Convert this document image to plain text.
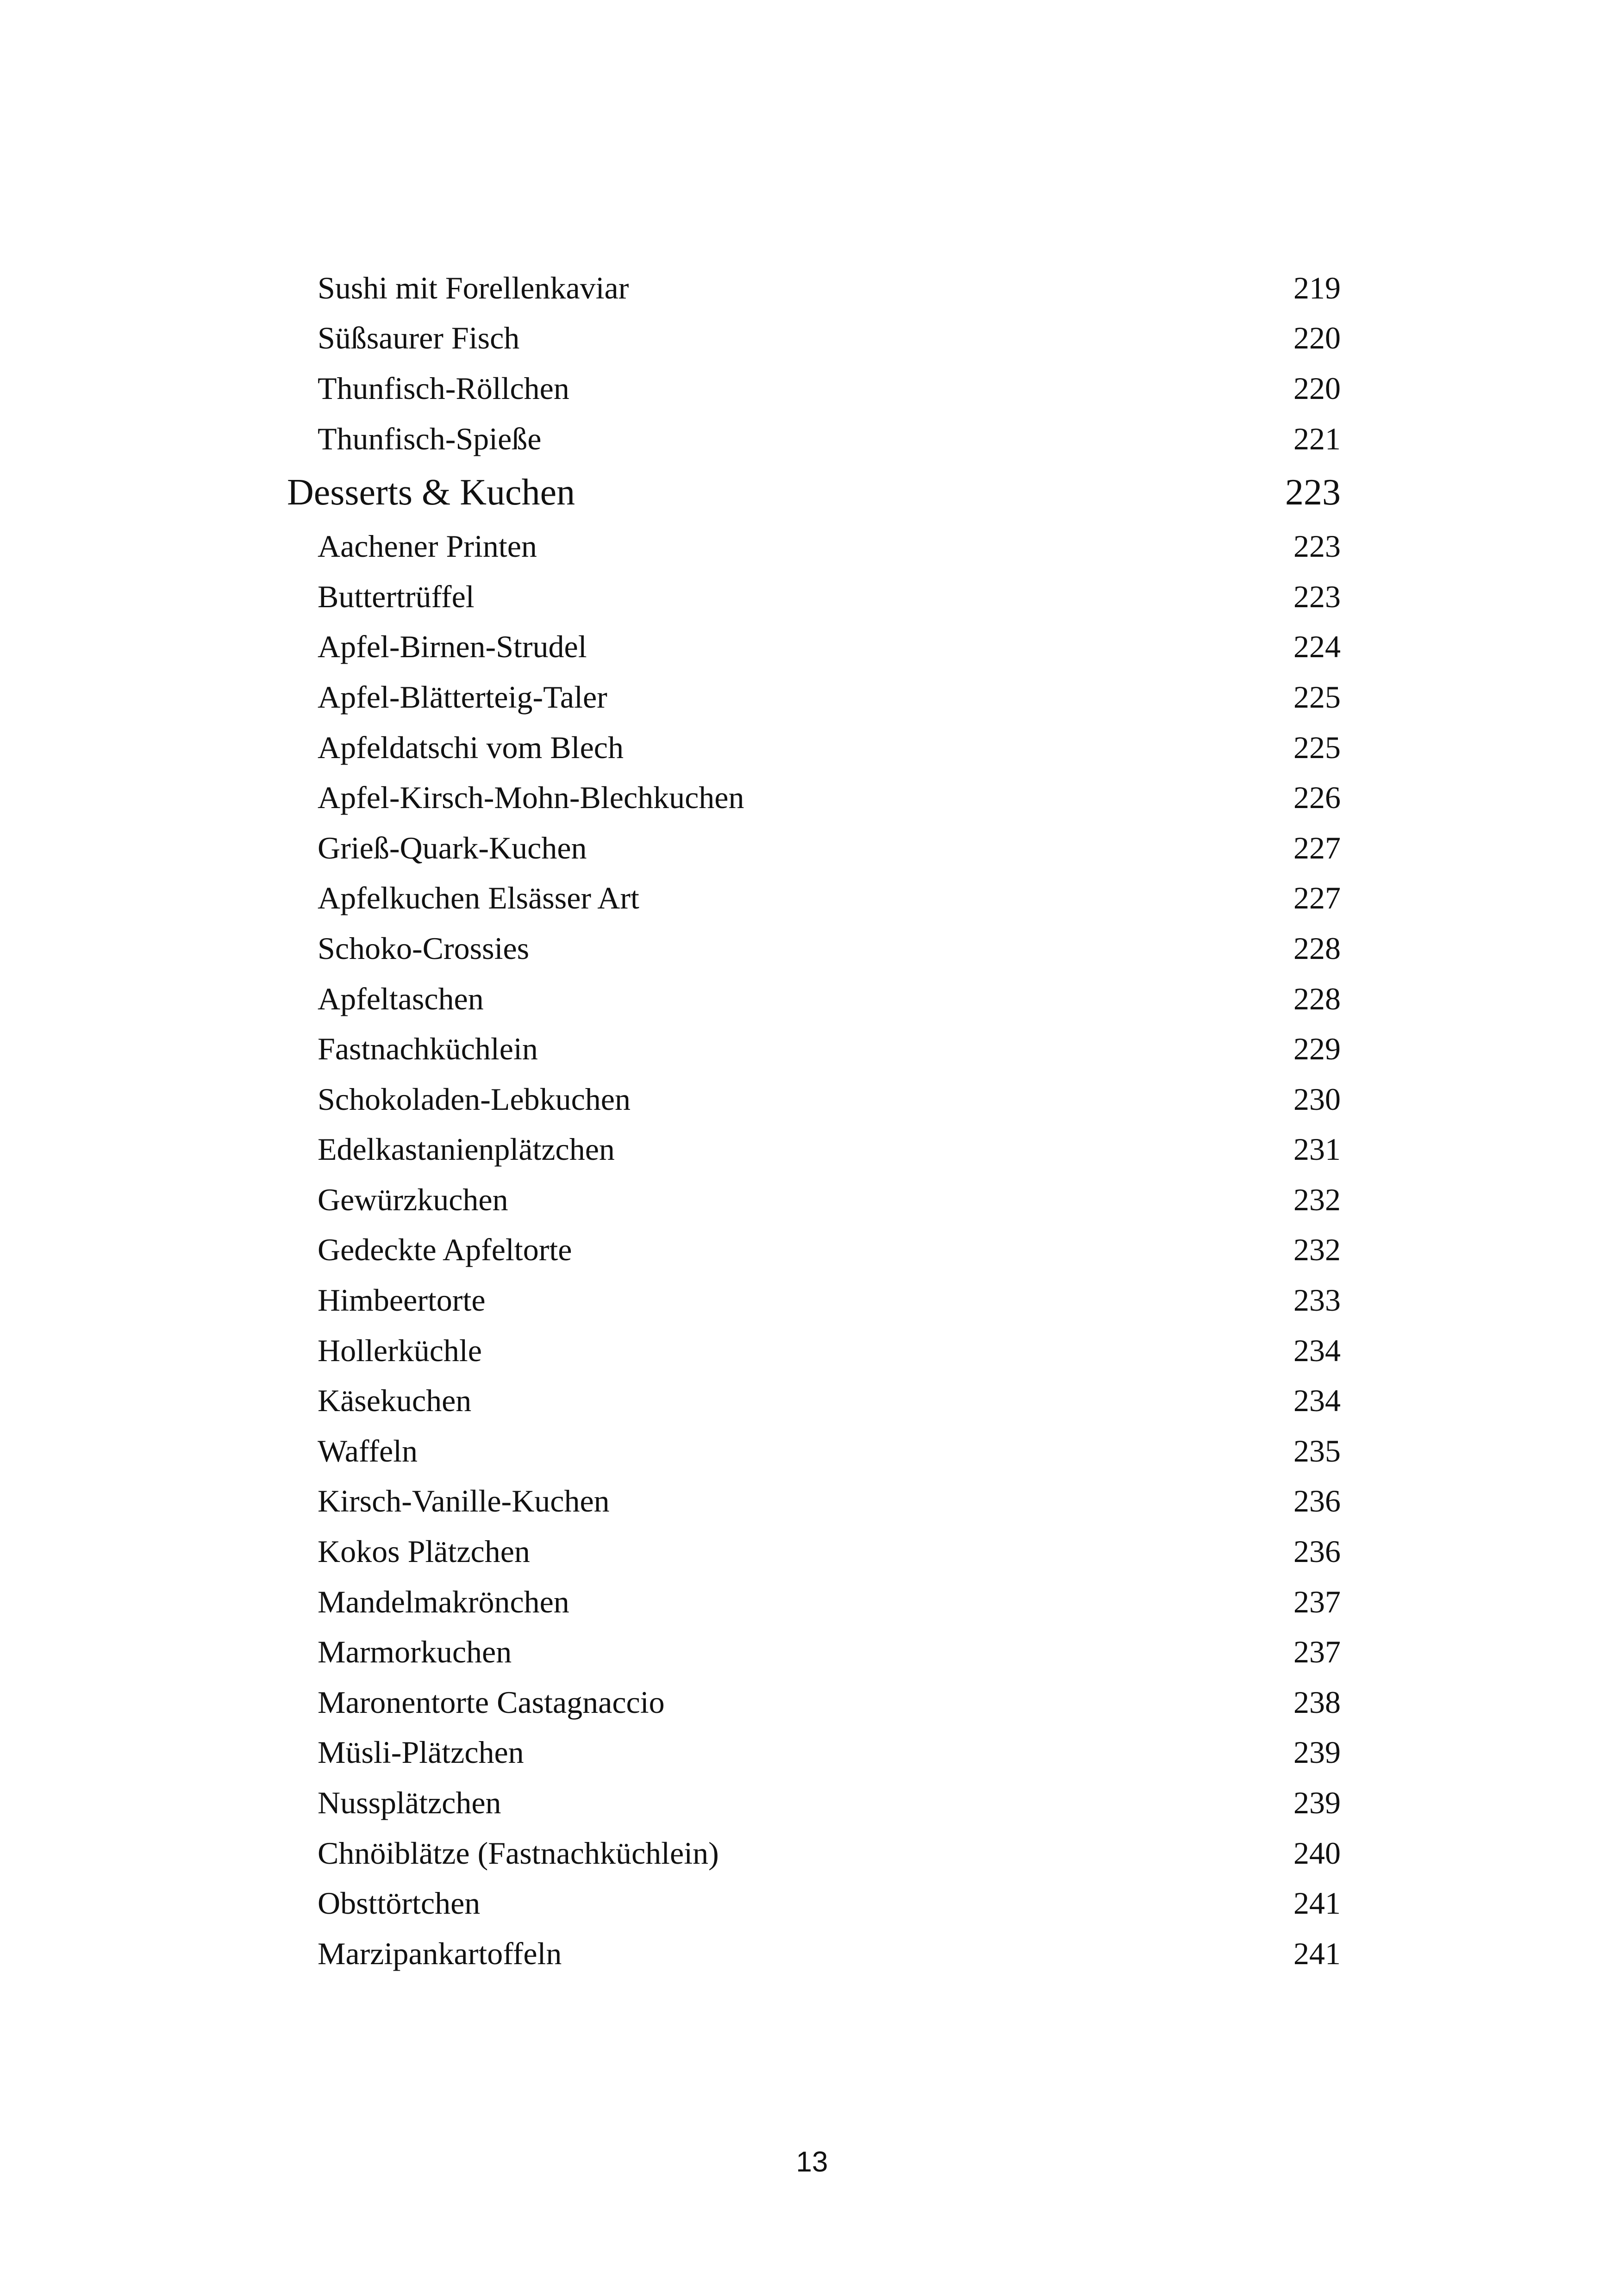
Sushi mit Forellenkaviar	219
Süßsaurer Fisch	220
Thunfisch-Röllchen	220
Thunfisch-Spieße	221
Desserts & Kuchen	223
Aachener Printen	223
Buttertrüffel	223
Apfel-Birnen-Strudel	224
Apfel-Blätterteig-Taler	225
Apfeldatschi vom Blech	225
Apfel-Kirsch-Mohn-Blechkuchen	226
Grieß-Quark-Kuchen	227
Apfelkuchen Elsässer Art	227
Schoko-Crossies	228
Apfeltaschen	228
Fastnachküchlein	229
Schokoladen-Lebkuchen	230
Edelkastanienplätzchen	231
Gewürzkuchen	232
Gedeckte Apfeltorte	232
Himbeertorte	233
Hollerküchle	234
Käsekuchen	234
Waffeln	235
Kirsch-Vanille-Kuchen	236
Kokos Plätzchen	236
Mandelmakrönchen	237
Marmorkuchen	237
Maronentorte Castagnaccio	238
Müsli-Plätzchen	239
Nussplätzchen	239
Chnöiblätze (Fastnachküchlein)	240
Obsttörtchen	241
Marzipankartoffeln	241
13
